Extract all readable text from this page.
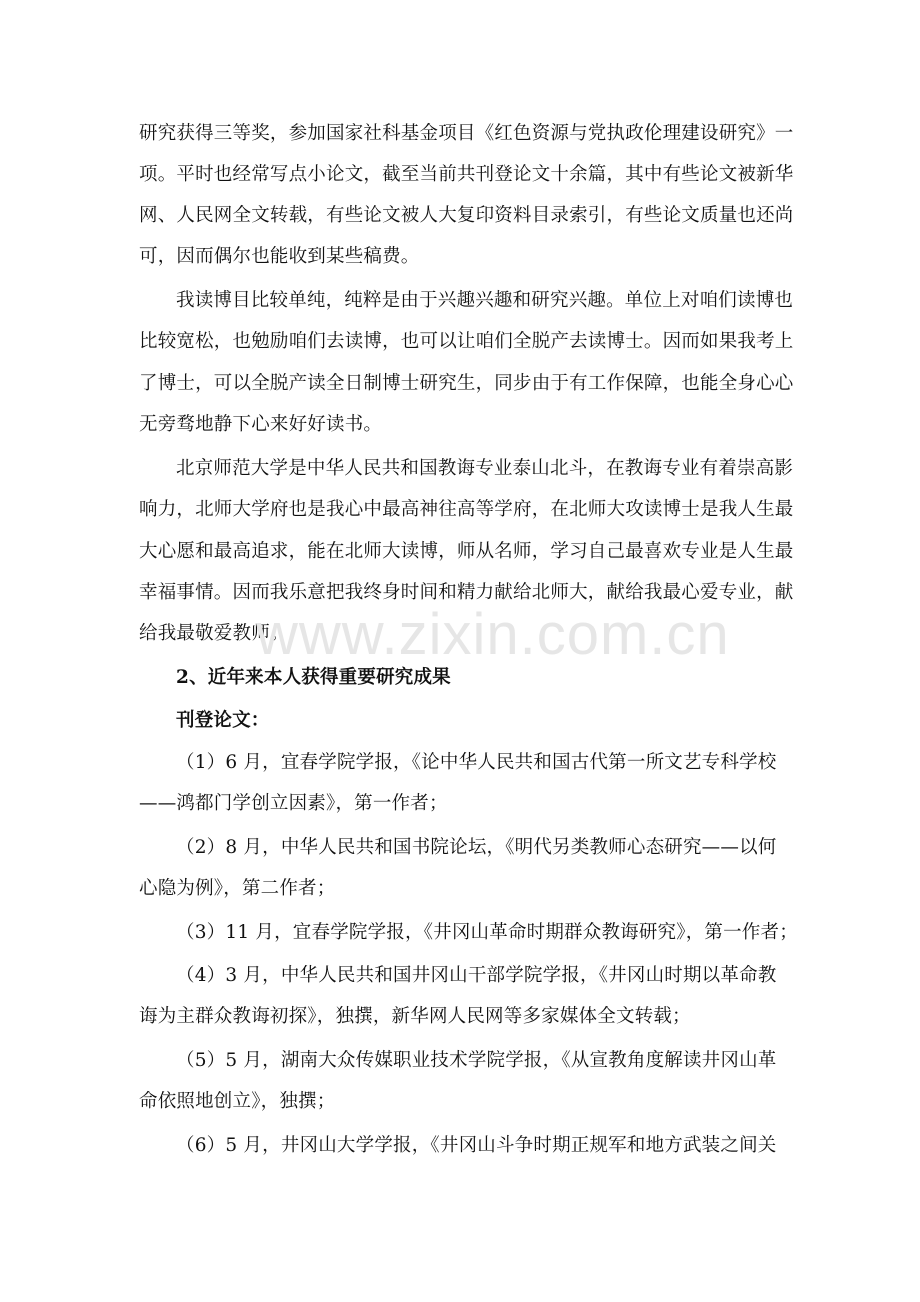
研究获得三等奖，参加国家社科基金项目《红色资源与党执政伦理建设研究》一
项。平时也经常写点小论文，截至当前共刊登论文十余篇，其中有些论文被新华
网、人民网全文转载，有些论文被人大复印资料目录索引，有些论文质量也还尚
可，因而偶尔也能收到某些稿费。
我读博目比较单纯，纯粹是由于兴趣兴趣和研究兴趣。单位上对咱们读博也
比较宽松，也勉励咱们去读博，也可以让咱们全脱产去读博士。因而如果我考上
了博士，可以全脱产读全日制博士研究生，同步由于有工作保障，也能全身心心
无旁骛地静下心来好好读书。
北京师范大学是中华人民共和国教诲专业泰山北斗，在教诲专业有着崇高影
响力，北师大学府也是我心中最高神往高等学府，在北师大攻读博士是我人生最
大心愿和最高追求，能在北师大读博，师从名师，学习自己最喜欢专业是人生最
幸福事情。因而我乐意把我终身时间和精力献给北师大，献给我最心爱专业，献
给我最敬爱教师。
2、近年来本人获得重要研究成果
刊登论文：
（1）6 月，宜春学院学报，《论中华人民共和国古代第一所文艺专科学校
——鸿都门学创立因素》，第一作者；
（2）8 月，中华人民共和国书院论坛，《明代另类教师心态研究——以何
心隐为例》，第二作者；
（3）11 月，宜春学院学报，《井冈山革命时期群众教诲研究》，第一作者；
（4）3 月，中华人民共和国井冈山干部学院学报，《井冈山时期以革命教
诲为主群众教诲初探》，独撰，新华网人民网等多家媒体全文转载；
（5）5 月，湖南大众传媒职业技术学院学报，《从宣教角度解读井冈山革
命依照地创立》，独撰；
（6）5 月，井冈山大学学报，《井冈山斗争时期正规军和地方武装之间关
www.zixin.com.cn
